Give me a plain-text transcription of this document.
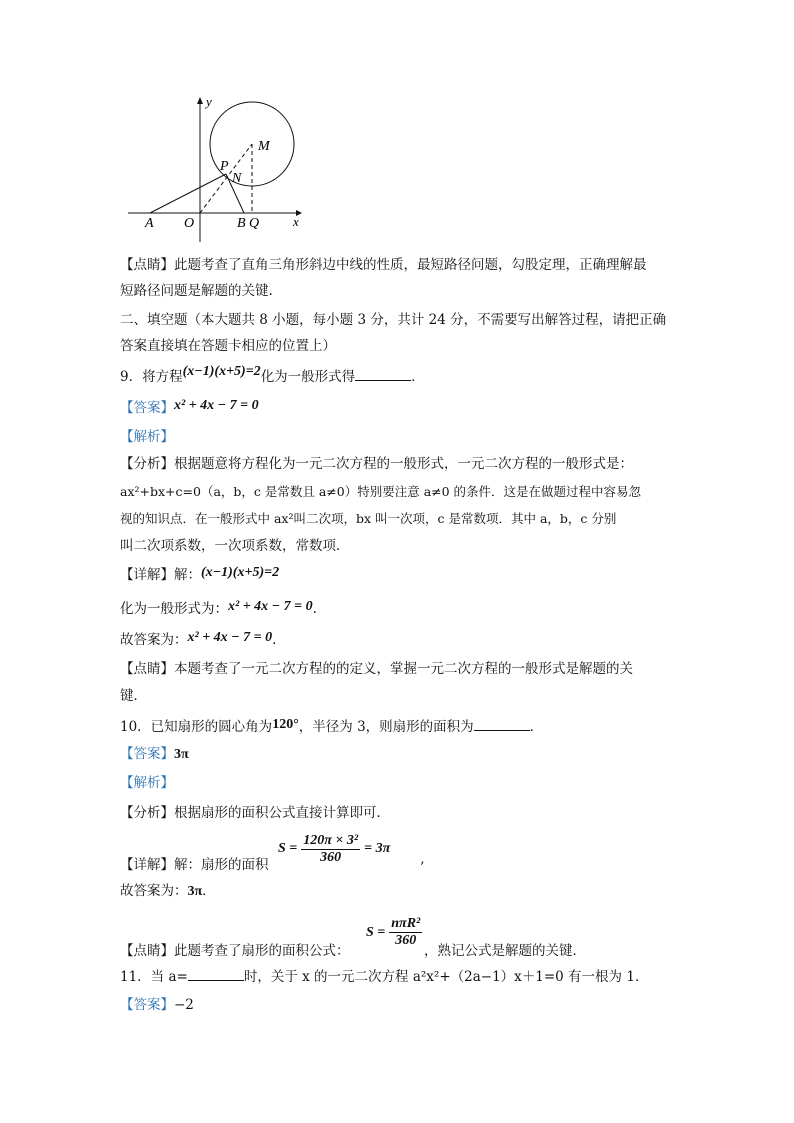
y
x
M
P
N
A O	B Q
【点睛】此题考查了直角三角形斜边中线的性质，最短路径问题，勾股定理，正确理解最
短路径问题是解题的关键.
二、填空题（本大题共 8 小题，每小题 3 分，共计 24 分，不需要写出解答过程，请把正确
答案直接填在答题卡相应的位置上）
9．将方程(x−1)(x+5)=2化为一般形式得	．
【答案】x² + 4x − 7 = 0
【解析】
【分析】根据题意将方程化为一元二次方程的一般形式，一元二次方程的一般形式是：
ax²+bx+c=0（a，b，c 是常数且 a≠0）特别要注意 a≠0 的条件．这是在做题过程中容易忽
视的知识点．在一般形式中 ax²叫二次项，bx 叫一次项，c 是常数项．其中 a，b，c 分别
叫二次项系数，一次项系数，常数项．
【详解】解：(x−1)(x+5)=2
化为一般形式为：x² + 4x − 7 = 0.
故答案为：x² + 4x − 7 = 0.
【点睛】本题考查了一元二次方程的的定义，掌握一元二次方程的一般形式是解题的关
键．
10．已知扇形的圆心角为120°，半径为 3，则扇形的面积为	．
【答案】3π
【解析】
【分析】根据扇形的面积公式直接计算即可．
【详解】解：扇形的面积
$S = \frac{\text{120π × 3²}}{360} = 3\pi$
,
故答案为：3π．
【点睛】此题考查了扇形的面积公式：
$S = \frac{\text{nπR²}}{360}$
，熟记公式是解题的关键．
11．当 a=	时，关于 x 的一元二次方程 a²x²+（2a−1）x＋1=0 有一根为 1．
【答案】−2
